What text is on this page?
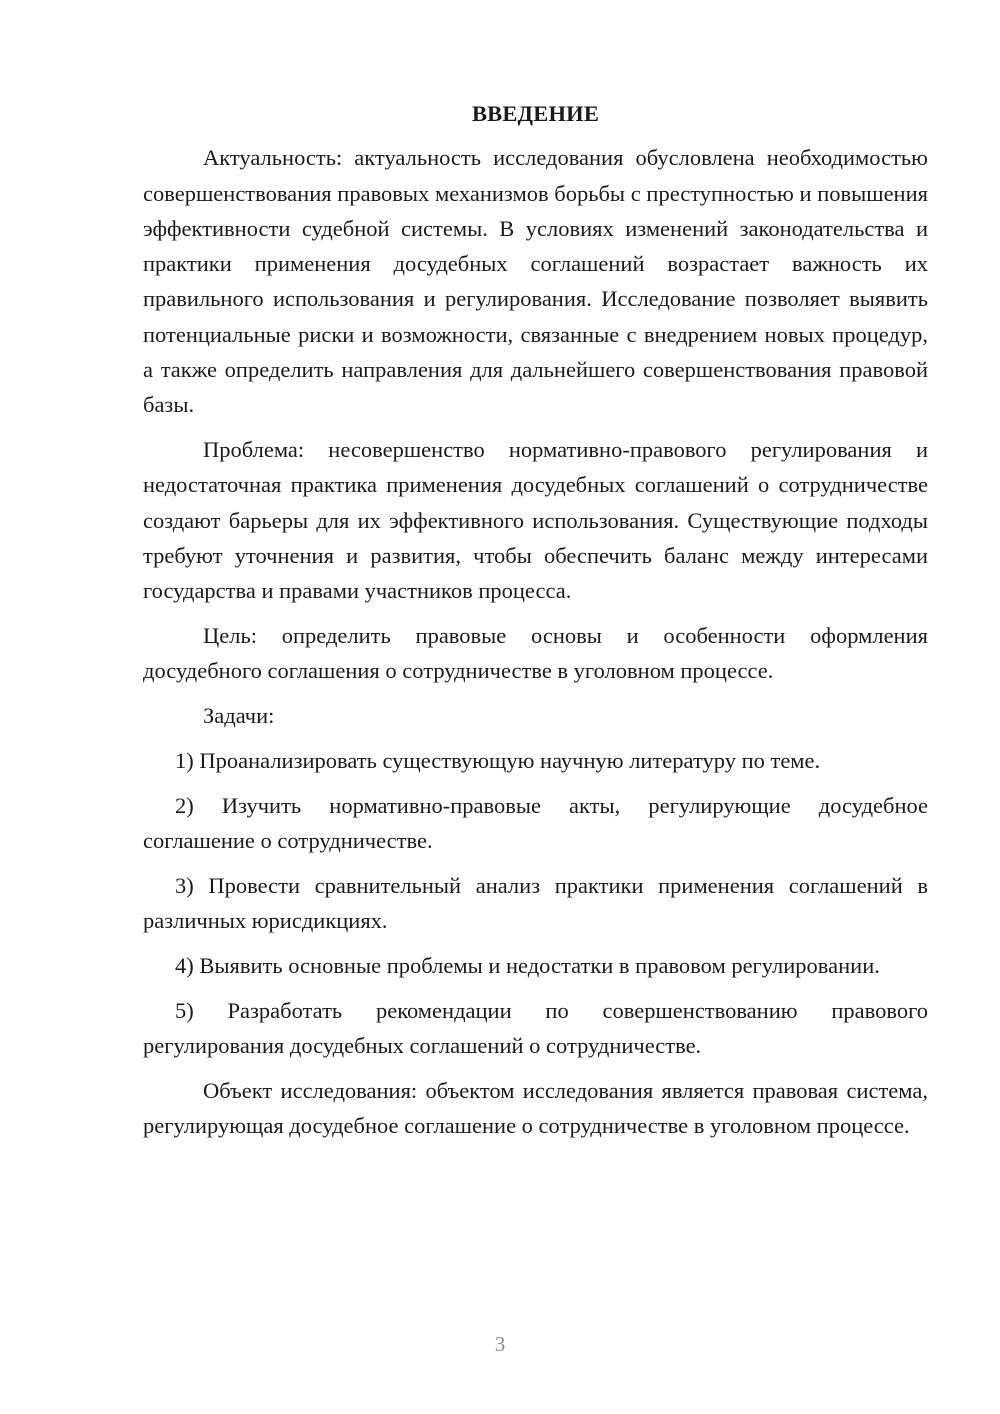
ВВЕДЕНИЕ

Актуальность: актуальность исследования обусловлена необходимостью совершенствования правовых механизмов борьбы с преступностью и повышения эффективности судебной системы. В условиях изменений законодательства и практики применения досудебных соглашений возрастает важность их правильного использования и регулирования. Исследование позволяет выявить потенциальные риски и возможности, связанные с внедрением новых процедур, а также определить направления для дальнейшего совершенствования правовой базы.

Проблема: несовершенство нормативно-правового регулирования и недостаточная практика применения досудебных соглашений о сотрудничестве создают барьеры для их эффективного использования. Существующие подходы требуют уточнения и развития, чтобы обеспечить баланс между интересами государства и правами участников процесса.

Цель: определить правовые основы и особенности оформления досудебного соглашения о сотрудничестве в уголовном процессе.

Задачи:

1) Проанализировать существующую научную литературу по теме.

2) Изучить нормативно-правовые акты, регулирующие досудебное соглашение о сотрудничестве.

3) Провести сравнительный анализ практики применения соглашений в различных юрисдикциях.

4) Выявить основные проблемы и недостатки в правовом регулировании.

5) Разработать рекомендации по совершенствованию правового регулирования досудебных соглашений о сотрудничестве.

Объект исследования: объектом исследования является правовая система, регулирующая досудебное соглашение о сотрудничестве в уголовном процессе.

3
